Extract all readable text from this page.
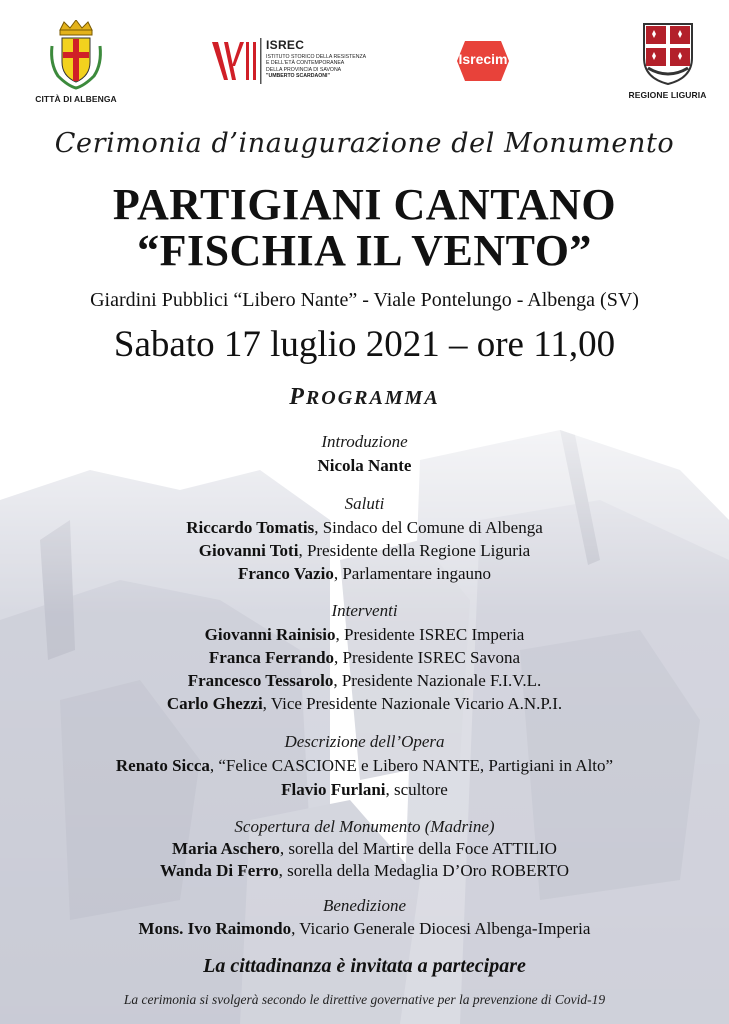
CITTÀ DI ALBENGA
ISREC
ISTITUTO STORICO DELLA RESISTENZA
E DELL'ETÀ CONTEMPORANEA
DELLA PROVINCIA DI SAVONA
"UMBERTO SCARDAONI"
Isrecim
REGIONE LIGURIA
Cerimonia d’inaugurazione del Monumento
PARTIGIANI CANTANO
“FISCHIA IL VENTO”
Giardini Pubblici “Libero Nante” - Viale Pontelungo - Albenga (SV)
Sabato 17 luglio 2021 – ore 11,00
PROGRAMMA
Introduzione
Nicola Nante
Saluti
Riccardo Tomatis, Sindaco del Comune di Albenga
Giovanni Toti, Presidente della Regione Liguria
Franco Vazio, Parlamentare ingauno
Interventi
Giovanni Rainisio, Presidente ISREC Imperia
Franca Ferrando, Presidente ISREC Savona
Francesco Tessarolo, Presidente Nazionale F.I.V.L.
Carlo Ghezzi, Vice Presidente Nazionale Vicario A.N.P.I.
Descrizione dell’Opera
Renato Sicca, “Felice CASCIONE e Libero NANTE, Partigiani in Alto”
Flavio Furlani, scultore
Scopertura del Monumento (Madrine)
Maria Aschero, sorella del Martire della Foce ATTILIO
Wanda Di Ferro, sorella della Medaglia D’Oro ROBERTO
Benedizione
Mons. Ivo Raimondo, Vicario Generale Diocesi Albenga-Imperia
La cittadinanza è invitata a partecipare
La cerimonia si svolgerà secondo le direttive governative per la prevenzione di Covid-19
